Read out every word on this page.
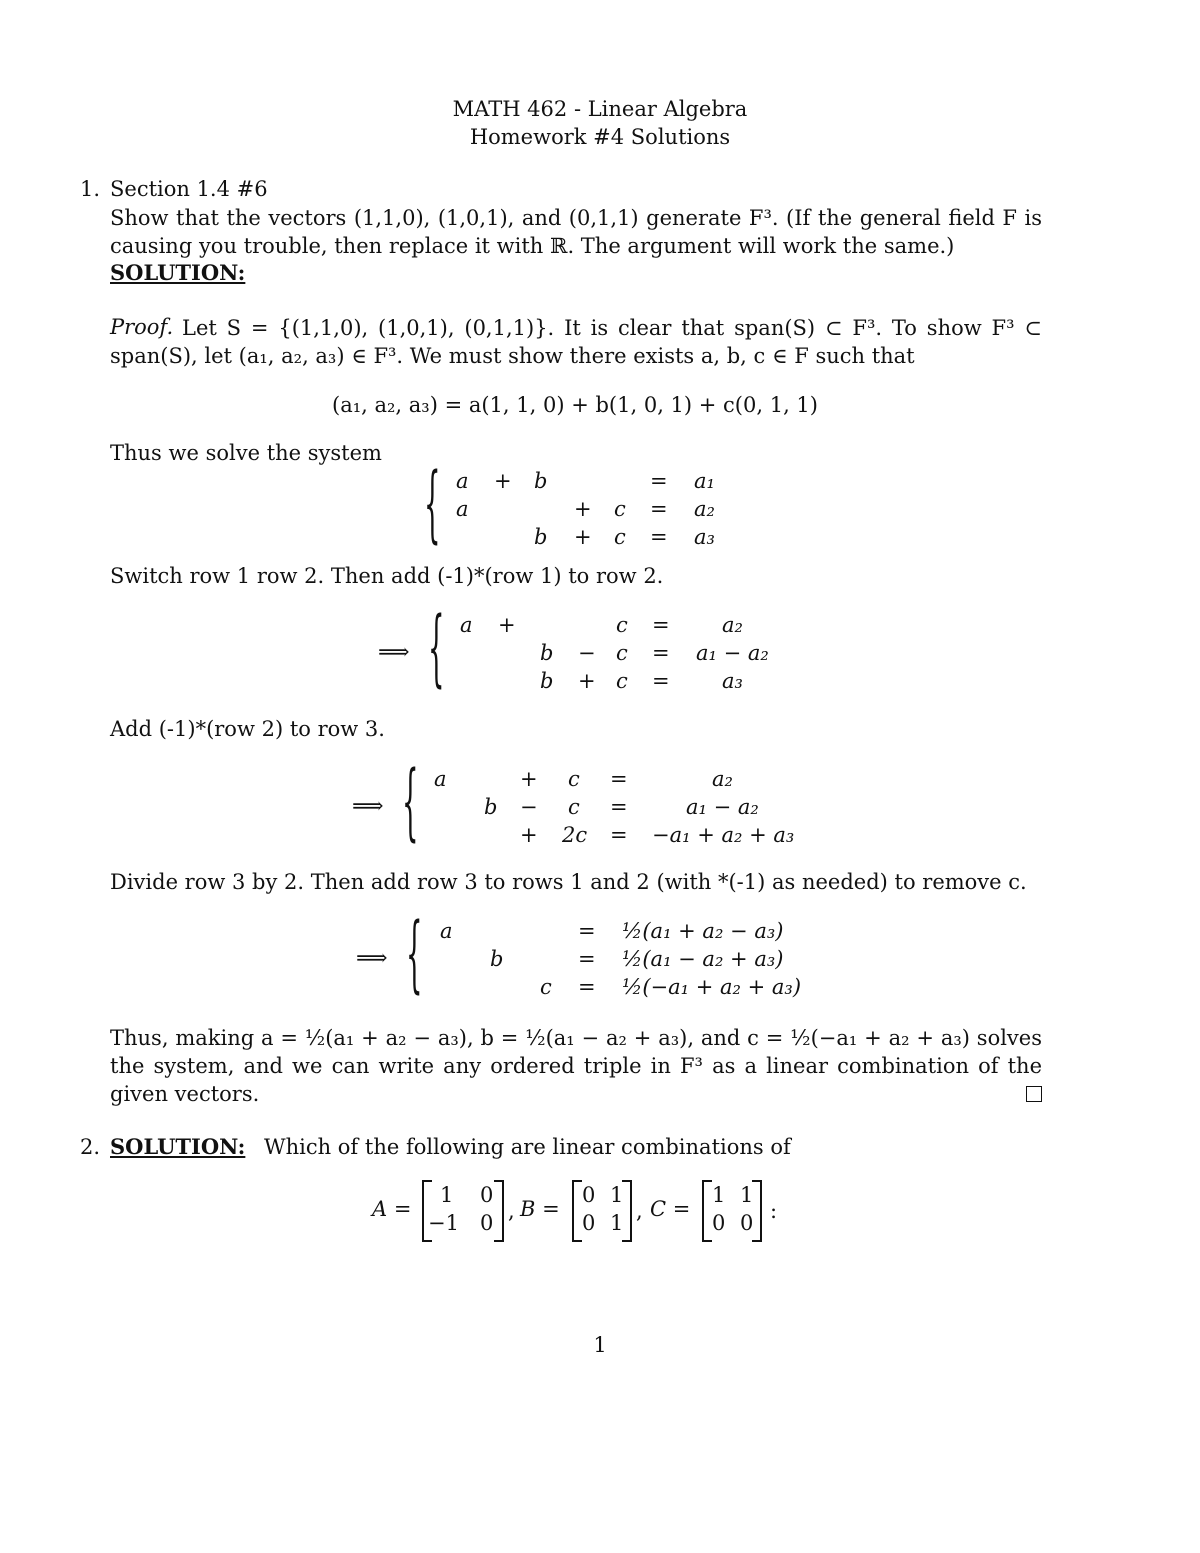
MATH 462 - Linear Algebra
Homework #4 Solutions
1. Section 1.4 #6
Show that the vectors (1,1,0), (1,0,1), and (0,1,1) generate F³. (If the general field F is causing you trouble, then replace it with ℝ. The argument will work the same.)
SOLUTION:
Proof. Let S = {(1,1,0), (1,0,1), (0,1,1)}. It is clear that span(S) ⊂ F³. To show F³ ⊂ span(S), let (a₁, a₂, a₃) ∈ F³. We must show there exists a, b, c ∈ F such that
(a₁, a₂, a₃) = a(1, 1, 0) + b(1, 0, 1) + c(0, 1, 1)
Thus we solve the system
{ a + b	= a₁
a	+ c = a₂
b + c = a₃
Switch row 1 row 2. Then add (-1)*(row 1) to row 2.
⟹ { a +	c = a₂
b − c = a₁ − a₂
b + c = a₃
Add (-1)*(row 2) to row 3.
⟹ { a	+ c =	a₂
b − c =	a₁ − a₂
+ 2c = −a₁ + a₂ + a₃
Divide row 3 by 2. Then add row 3 to rows 1 and 2 (with *(-1) as needed) to remove c.
⟹ { a	= ½(a₁ + a₂ − a₃)
b	= ½(a₁ − a₂ + a₃)
c = ½(−a₁ + a₂ + a₃)
Thus, making a = ½(a₁ + a₂ − a₃), b = ½(a₁ − a₂ + a₃), and c = ½(−a₁ + a₂ + a₃) solves the system, and we can write any ordered triple in F³ as a linear combination of the given vectors.
2. SOLUTION: Which of the following are linear combinations of
A =
1 0
−1 0 , B =
0 1
0 1 , C =
1 1
0 0 :
1
